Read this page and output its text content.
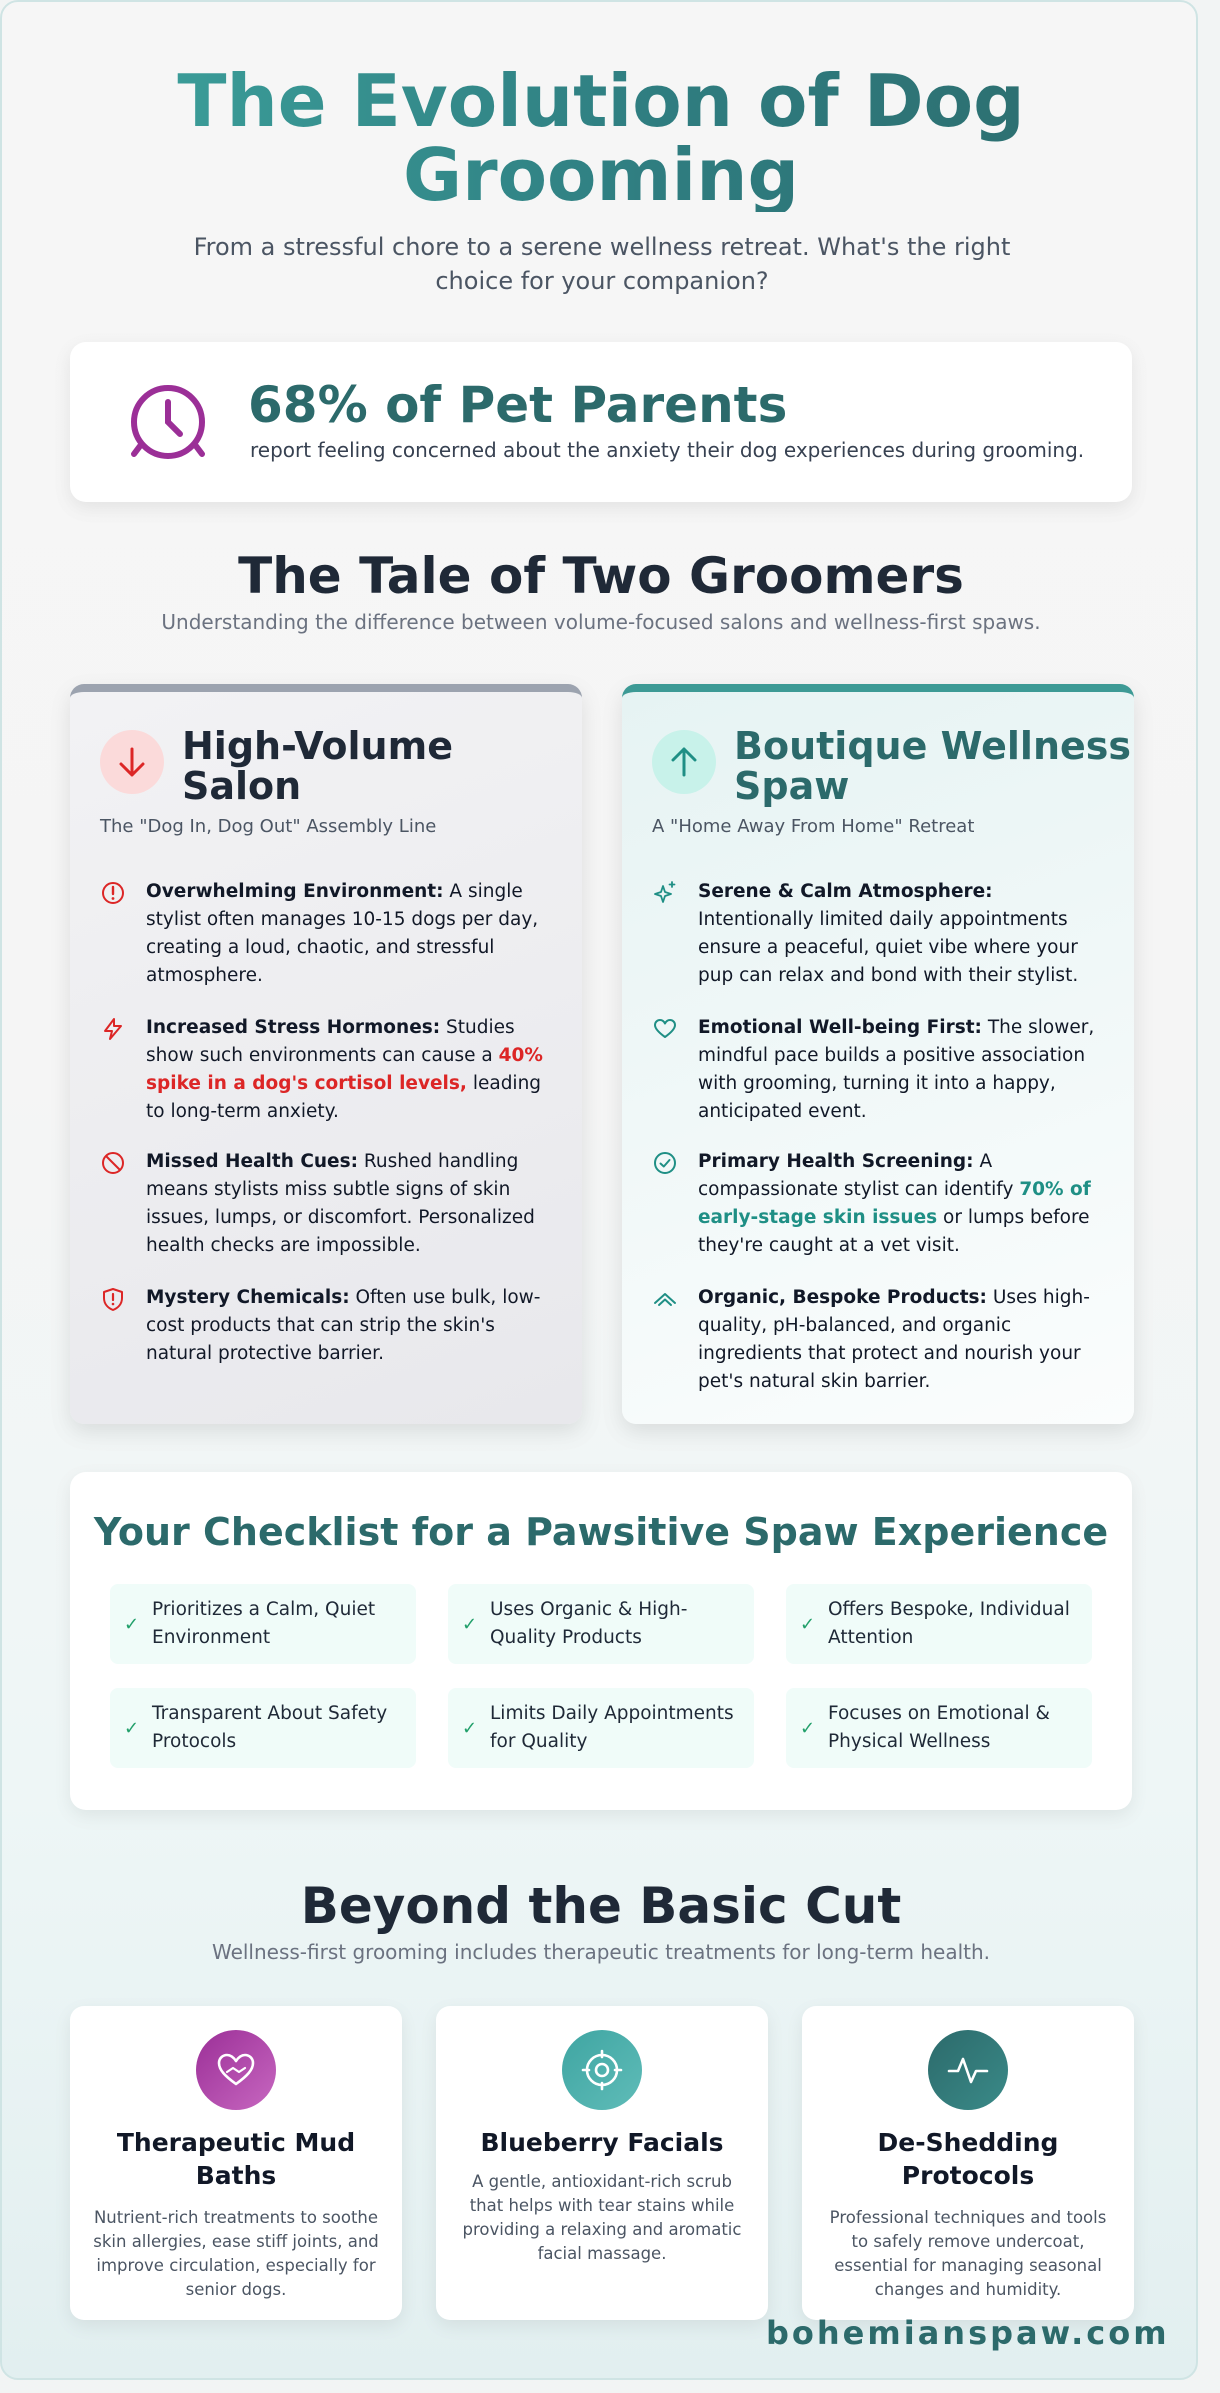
The Evolution of Dog Grooming

From a stressful chore to a serene wellness retreat. What's the right choice for your companion?

68% of Pet Parents
report feeling concerned about the anxiety their dog experiences during grooming.
The Tale of Two Groomers

Understanding the difference between volume-focused salons and wellness-first spaws.

High-Volume Salon
The "Dog In, Dog Out" Assembly Line
Overwhelming Environment: A single stylist often manages 10-15 dogs per day, creating a loud, chaotic, and stressful atmosphere.
Increased Stress Hormones: Studies show such environments can cause a 40% spike in a dog's cortisol levels, leading to long-term anxiety.
Missed Health Cues: Rushed handling means stylists miss subtle signs of skin issues, lumps, or discomfort. Personalized health checks are impossible.
Mystery Chemicals: Often use bulk, low-cost products that can strip the skin's natural protective barrier.
Boutique Wellness Spaw
A "Home Away From Home" Retreat
Serene & Calm Atmosphere: Intentionally limited daily appointments ensure a peaceful, quiet vibe where your pup can relax and bond with their stylist.
Emotional Well-being First: The slower, mindful pace builds a positive association with grooming, turning it into a happy, anticipated event.
Primary Health Screening: A compassionate stylist can identify 70% of early-stage skin issues or lumps before they're caught at a vet visit.
Organic, Bespoke Products: Uses high-quality, pH-balanced, and organic ingredients that protect and nourish your pet's natural skin barrier.
Your Checklist for a Pawsitive Spaw Experience
✓
Prioritizes a Calm, Quiet Environment
✓
Uses Organic & High-Quality Products
✓
Offers Bespoke, Individual Attention
✓
Transparent About Safety Protocols
✓
Limits Daily Appointments for Quality
✓
Focuses on Emotional & Physical Wellness
Beyond the Basic Cut

Wellness-first grooming includes therapeutic treatments for long-term health.

Therapeutic Mud Baths

Nutrient-rich treatments to soothe skin allergies, ease stiff joints, and improve circulation, especially for senior dogs.

Blueberry Facials

A gentle, antioxidant-rich scrub that helps with tear stains while providing a relaxing and aromatic facial massage.

De-Shedding Protocols

Professional techniques and tools to safely remove undercoat, essential for managing seasonal changes and humidity.

bohemianspaw.com
